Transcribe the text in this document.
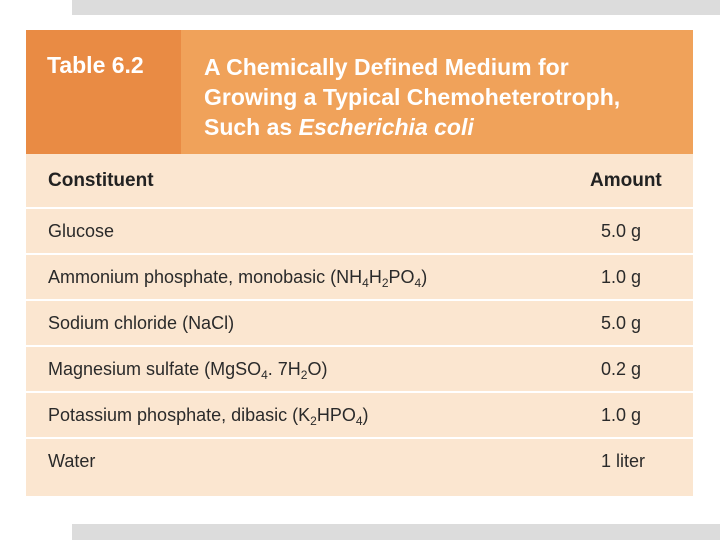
Table 6.2	A Chemically Defined Medium for
Growing a Typical Chemoheterotroph,
Such as Escherichia coli
Constituent	Amount
Glucose	5.0 g
Ammonium phosphate, monobasic $(NH_4H_2PO_4)$	1.0 g
Sodium chloride (NaCl)	5.0 g
Magnesium sulfate (MgSO$_4$. $7H_2O$)	0.2 g
Potassium phosphate, dibasic $(K_2HPO_4)$	1.0 g
Water	1 liter
